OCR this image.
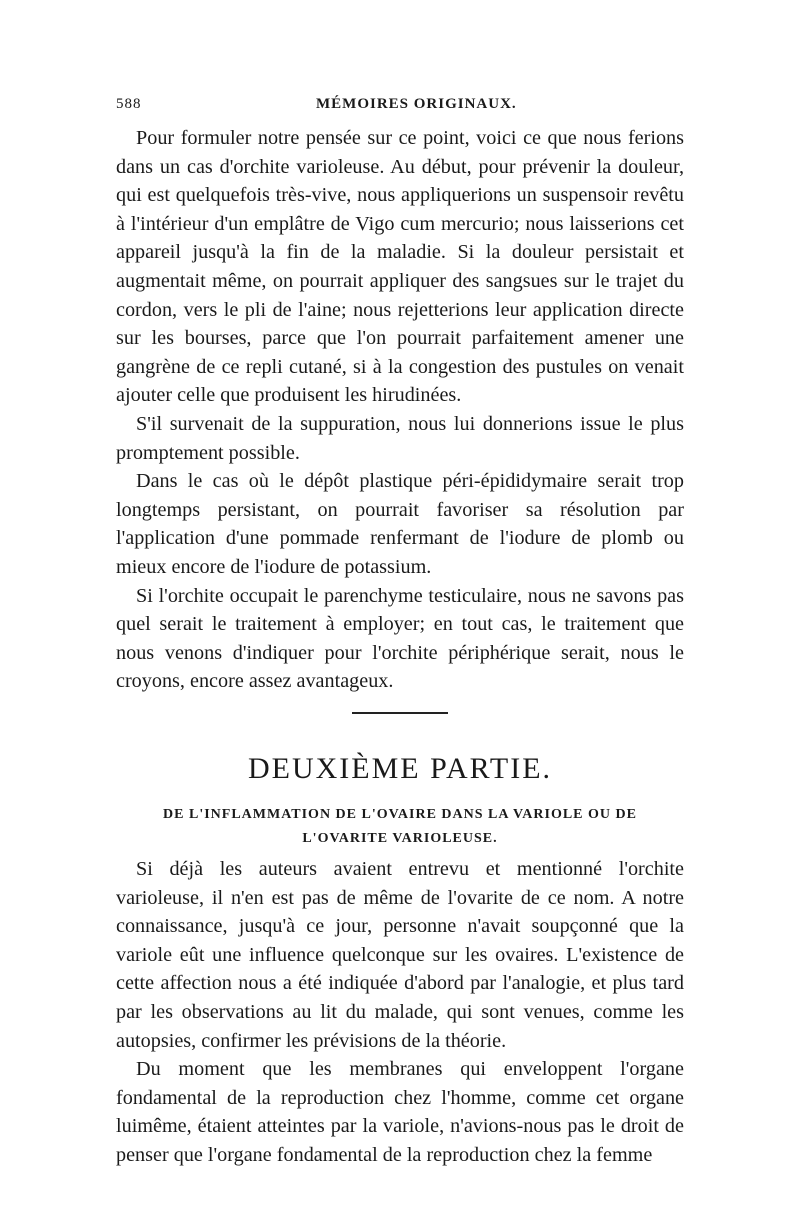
588	MÉMOIRES ORIGINAUX.

Pour formuler notre pensée sur ce point, voici ce que nous ferions dans un cas d'orchite varioleuse. Au début, pour prévenir la douleur, qui est quelquefois très-vive, nous appliquerions un suspensoir revêtu à l'intérieur d'un emplâtre de Vigo cum mercurio; nous laisserions cet appareil jusqu'à la fin de la maladie. Si la douleur persistait et augmentait même, on pourrait appliquer des sangsues sur le trajet du cordon, vers le pli de l'aine; nous rejetterions leur application directe sur les bourses, parce que l'on pourrait parfaitement amener une gangrène de ce repli cutané, si à la congestion des pustules on venait ajouter celle que produisent les hirudinées.

S'il survenait de la suppuration, nous lui donnerions issue le plus promptement possible.

Dans le cas où le dépôt plastique péri-épididymaire serait trop longtemps persistant, on pourrait favoriser sa résolution par l'application d'une pommade renfermant de l'iodure de plomb ou mieux encore de l'iodure de potassium.

Si l'orchite occupait le parenchyme testiculaire, nous ne savons pas quel serait le traitement à employer; en tout cas, le traitement que nous venons d'indiquer pour l'orchite périphérique serait, nous le croyons, encore assez avantageux.

DEUXIÈME PARTIE.
DE L'INFLAMMATION DE L'OVAIRE DANS LA VARIOLE OU DE
L'OVARITE VARIOLEUSE.

Si déjà les auteurs avaient entrevu et mentionné l'orchite varioleuse, il n'en est pas de même de l'ovarite de ce nom. A notre connaissance, jusqu'à ce jour, personne n'avait soupçonné que la variole eût une influence quelconque sur les ovaires. L'existence de cette affection nous a été indiquée d'abord par l'analogie, et plus tard par les observations au lit du malade, qui sont venues, comme les autopsies, confirmer les prévisions de la théorie.

Du moment que les membranes qui enveloppent l'organe fondamental de la reproduction chez l'homme, comme cet organe luimême, étaient atteintes par la variole, n'avions-nous pas le droit de penser que l'organe fondamental de la reproduction chez la femme
